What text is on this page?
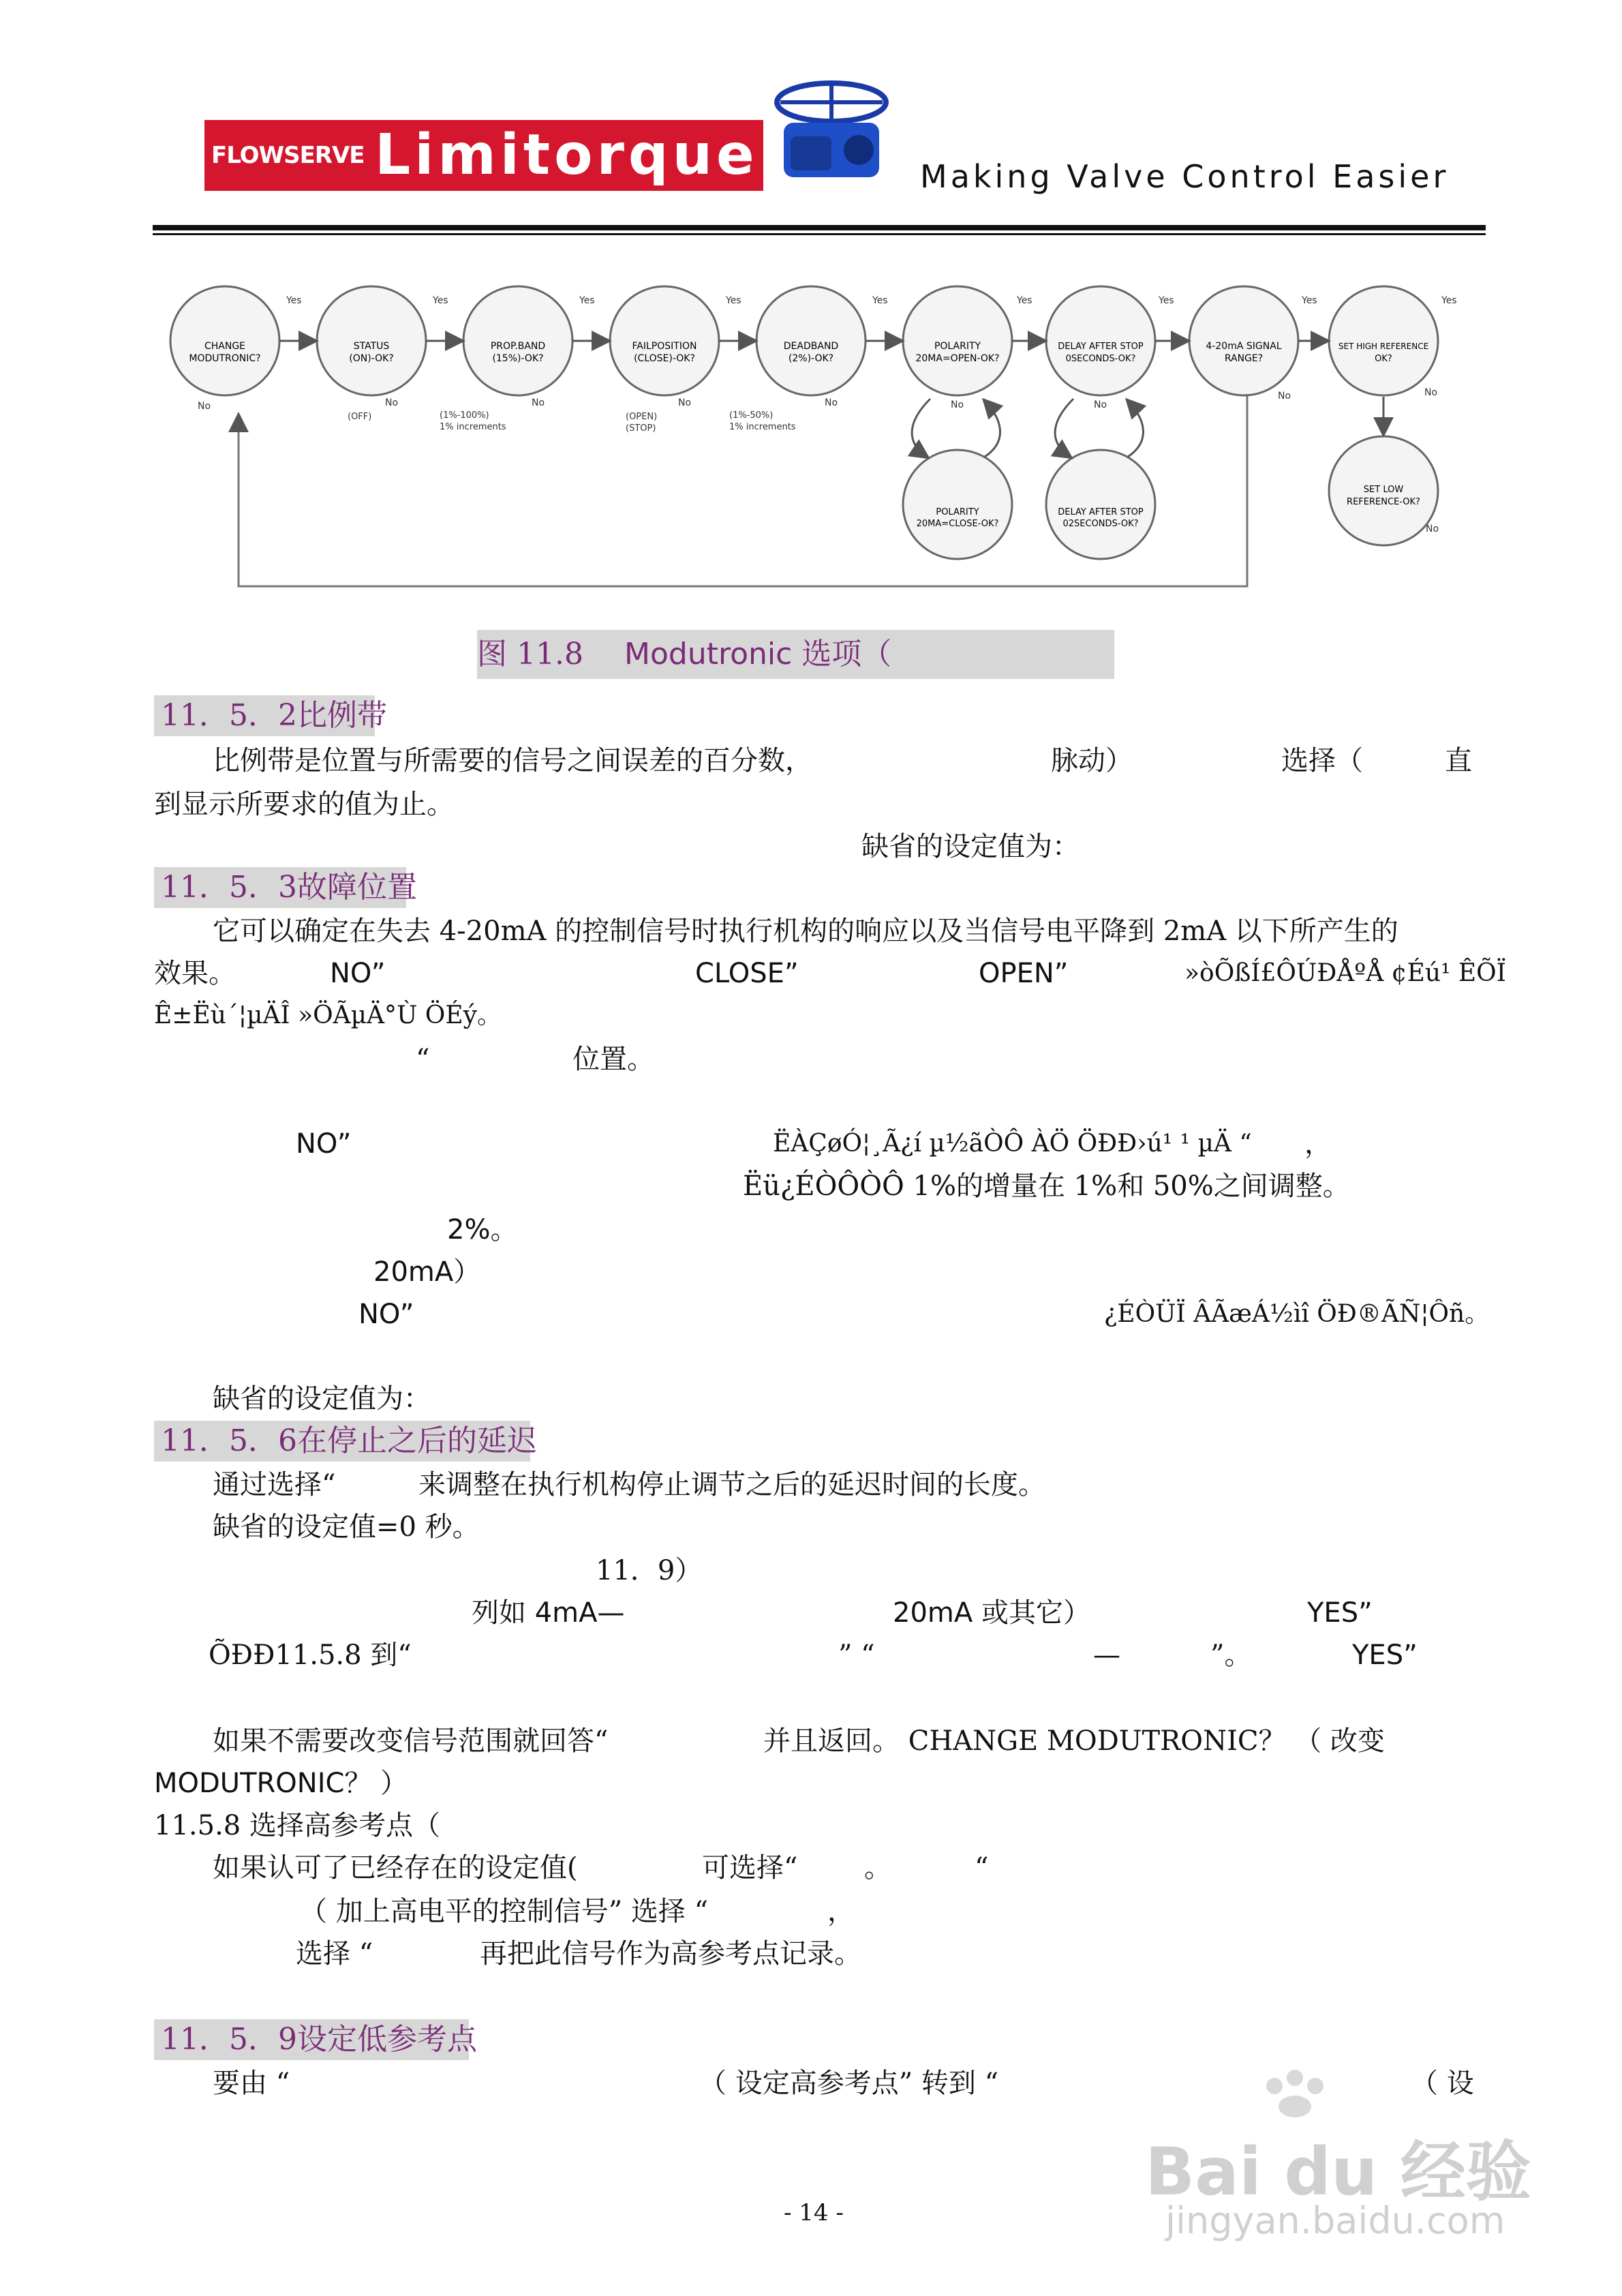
FLOWSERVE Limitorque	Making Valve Control Easier
CHANGE
MODUTRONIC?
STATUS
(ON)-OK?
PROP.BAND
(15%)-OK?
FAILPOSITION
(CLOSE)-OK?
DEADBAND
(2%)-OK?
POLARITY
20MA=OPEN-OK?
DELAY AFTER STOP
0SECONDS-OK?
4-20mA SIGNAL
RANGE?
SET HIGH REFERENCE
OK?
Yes	Yes	Yes	Yes	Yes	Yes	Yes	Yes	Yes
No	No	No	No	No	No	No
No	No
No
(OFF)	(1%-100%)
1% increments
(OPEN)
(STOP)
(1%-50%)
1% increments
POLARITY
20MA=CLOSE-OK?
DELAY AFTER STOP
02SECONDS-OK?
SET LOW
REFERENCE-OK?
图 11.8 Modutronic 选项（
11．5．2比例带
比例带是位置与所需要的信号之间误差的百分数，	脉动）	选择（	直
到显示所要求的值为止。
缺省的设定值为：
11．5．3故障位置
它可以确定在失去 4-20mA 的控制信号时执行机构的响应以及当信号电平降到 2mA 以下所产生的
效果。	NO”	CLOSE”	OPEN”	»òÕßÍ£ÔÚÐÅºÅ ¢Éú¹ ÊÕÏ
Ê±Ëù´¦µÄÎ »ÖÃµÄ°Ù ÖÉý。
“	位置。
NO”	ËÀÇøÓ¦¸Ã¿í µ½ãÒÔ ÀÖ ÖÐÐ›ú¹ ¹ µÄ “ ，
Ëü¿ÉÒÔÒÔ 1%的增量在 1%和 50%之间调整。
2%。
20mA）
NO”	¿ÉÒÜÏ ÂÃæÁ½ìî ÖÐ®ÃÑ¦Ôñ。
缺省的设定值为：
11．5．6在停止之后的延迟
通过选择“	来调整在执行机构停止调节之后的延迟时间的长度。
缺省的设定值=0 秒。
11．9）
列如 4mA—	20mA 或其它）	YES”
ÕÐÐ11.5.8 到“	” “	—	”。	YES”
如果不需要改变信号范围就回答“	并且返回。 CHANGE MODUTRONIC？ （ 改变
MODUTRONIC？ ）
11.5.8 选择高参考点（
如果认可了已经存在的设定值(	可选择“ 。	“
（ 加上高电平的控制信号” 选择 “	，
选择 “	再把此信号作为高参考点记录。
11．5．9设定低参考点
要由 “	（ 设定高参考点” 转到 “	（ 设
Bai du 经验
jingyan.baidu.com
- 14 -
